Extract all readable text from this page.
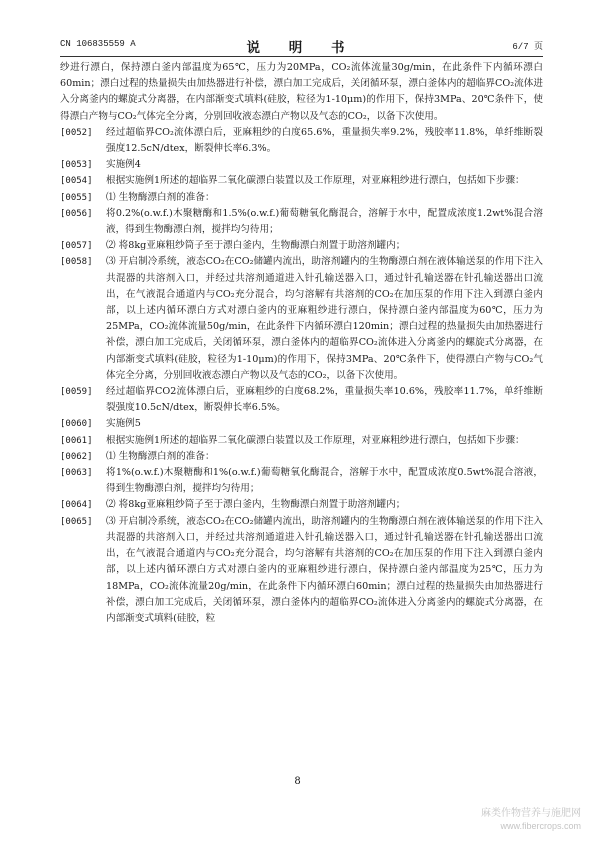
CN 106835559 A	说 明 书	6/7 页
纱进行漂白，保持漂白釜内部温度为65℃，压力为20MPa，CO₂流体流量30g/min，在此条件下内循环漂白60min；漂白过程的热量损失由加热器进行补偿，漂白加工完成后，关闭循环泵，漂白釜体内的超临界CO₂流体进入分离釜内的螺旋式分离器，在内部渐变式填料(硅胶，粒径为1-10μm)的作用下，保持3MPa、20℃条件下，使得漂白产物与CO₂气体完全分离，分别回收液态漂白产物以及气态的CO₂，以备下次使用。
[0052]	经过超临界CO₂流体漂白后，亚麻粗纱的白度65.6%，重量损失率9.2%，残胶率11.8%，单纤维断裂强度12.5cN/dtex，断裂伸长率6.3%。
[0053]	实施例4
[0054]	根据实施例1所述的超临界二氧化碳漂白装置以及工作原理，对亚麻粗纱进行漂白，包括如下步骤：
[0055]	⑴ 生物酶漂白剂的准备：
[0056]	将0.2%(o.w.f.)木聚糖酶和1.5%(o.w.f.)葡萄糖氧化酶混合，溶解于水中，配置成浓度1.2wt%混合溶液，得到生物酶漂白剂，搅拌均匀待用；
[0057]	⑵ 将8kg亚麻粗纱筒子至于漂白釜内，生物酶漂白剂置于助溶剂罐内；
[0058]	⑶ 开启制冷系统，液态CO₂在CO₂储罐内流出，助溶剂罐内的生物酶漂白剂在液体输送泵的作用下注入共混器的共溶剂入口，并经过共溶剂通道进入针孔输送器入口，通过针孔输送器在针孔输送器出口流出，在气液混合通道内与CO₂充分混合，均匀溶解有共溶剂的CO₂在加压泵的作用下注入到漂白釜内部，以上述内循环漂白方式对漂白釜内的亚麻粗纱进行漂白，保持漂白釜内部温度为60℃，压力为25MPa，CO₂流体流量50g/min，在此条件下内循环漂白120min；漂白过程的热量损失由加热器进行补偿，漂白加工完成后，关闭循环泵，漂白釜体内的超临界CO₂流体进入分离釜内的螺旋式分离器，在内部渐变式填料(硅胶，粒径为1-10μm)的作用下，保持3MPa、20℃条件下，使得漂白产物与CO₂气体完全分离，分别回收液态漂白产物以及气态的CO₂，以备下次使用。
[0059]	经过超临界CO2流体漂白后，亚麻粗纱的白度68.2%，重量损失率10.6%，残胶率11.7%，单纤维断裂强度10.5cN/dtex，断裂伸长率6.5%。
[0060]	实施例5
[0061]	根据实施例1所述的超临界二氧化碳漂白装置以及工作原理，对亚麻粗纱进行漂白，包括如下步骤：
[0062]	⑴ 生物酶漂白剂的准备：
[0063]	将1%(o.w.f.)木聚糖酶和1%(o.w.f.)葡萄糖氧化酶混合，溶解于水中，配置成浓度0.5wt%混合溶液，得到生物酶漂白剂，搅拌均匀待用；
[0064]	⑵ 将8kg亚麻粗纱筒子至于漂白釜内，生物酶漂白剂置于助溶剂罐内；
[0065]	⑶ 开启制冷系统，液态CO₂在CO₂储罐内流出，助溶剂罐内的生物酶漂白剂在液体输送泵的作用下注入共混器的共溶剂入口，并经过共溶剂通道进入针孔输送器入口，通过针孔输送器在针孔输送器出口流出，在气液混合通道内与CO₂充分混合，均匀溶解有共溶剂的CO₂在加压泵的作用下注入到漂白釜内部，以上述内循环漂白方式对漂白釜内的亚麻粗纱进行漂白，保持漂白釜内部温度为25℃，压力为18MPa，CO₂流体流量20g/min，在此条件下内循环漂白60min；漂白过程的热量损失由加热器进行补偿，漂白加工完成后，关闭循环泵，漂白釜体内的超临界CO₂流体进入分离釜内的螺旋式分离器，在内部渐变式填料(硅胶，粒
8
麻类作物营养与施肥网
www.fibercrops.com
